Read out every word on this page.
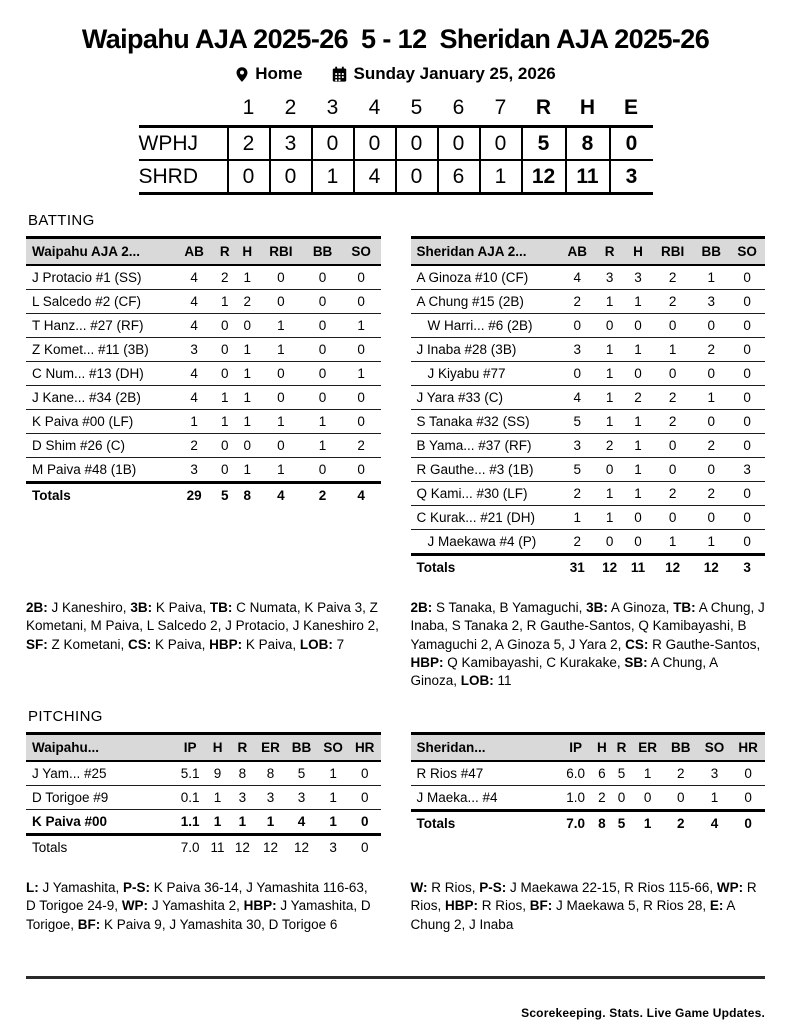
Waipahu AJA 2025-26 5 - 12 Sheridan AJA 2025-26
Home	Sunday January 25, 2026
	1	2	3	4	5	6	7	R	H	E
WPHJ	2	3	0	0	0	0	0	5	8	0
SHRD	0	0	1	4	0	6	1	12	11	3
BATTING
Waipahu AJA 2...	AB	R	H	RBI	BB	SO
J Protacio #1 (SS)	4	2	1	0	0	0
L Salcedo #2 (CF)	4	1	2	0	0	0
T Hanz... #27 (RF)	4	0	0	1	0	1
Z Komet... #11 (3B)	3	0	1	1	0	0
C Num... #13 (DH)	4	0	1	0	0	1
J Kane... #34 (2B)	4	1	1	0	0	0
K Paiva #00 (LF)	1	1	1	1	1	0
D Shim #26 (C)	2	0	0	0	1	2
M Paiva #48 (1B)	3	0	1	1	0	0
Totals	29	5	8	4	2	4
Sheridan AJA 2...	AB	R	H	RBI	BB	SO
A Ginoza #10 (CF)	4	3	3	2	1	0
A Chung #15 (2B)	2	1	1	2	3	0
W Harri... #6 (2B)	0	0	0	0	0	0
J Inaba #28 (3B)	3	1	1	1	2	0
J Kiyabu #77	0	1	0	0	0	0
J Yara #33 (C)	4	1	2	2	1	0
S Tanaka #32 (SS)	5	1	1	2	0	0
B Yama... #37 (RF)	3	2	1	0	2	0
R Gauthe... #3 (1B)	5	0	1	0	0	3
Q Kami... #30 (LF)	2	1	1	2	2	0
C Kurak... #21 (DH)	1	1	0	0	0	0
J Maekawa #4 (P)	2	0	0	1	1	0
Totals	31	12	11	12	12	3

2B: J Kaneshiro, 3B: K Paiva, TB: C Numata, K Paiva 3, Z Kometani, M Paiva, L Salcedo 2, J Protacio, J Kaneshiro 2, SF: Z Kometani, CS: K Paiva, HBP: K Paiva, LOB: 7

2B: S Tanaka, B Yamaguchi, 3B: A Ginoza, TB: A Chung, J Inaba, S Tanaka 2, R Gauthe-Santos, Q Kamibayashi, B Yamaguchi 2, A Ginoza 5, J Yara 2, CS: R Gauthe-Santos, HBP: Q Kamibayashi, C Kurakake, SB: A Chung, A Ginoza, LOB: 11

PITCHING
Waipahu...	IP	H	R	ER	BB	SO	HR
J Yam... #25	5.1	9	8	8	5	1	0
D Torigoe #9	0.1	1	3	3	3	1	0
K Paiva #00	1.1	1	1	1	4	1	0
Totals	7.0	11	12	12	12	3	0
Sheridan...	IP	H	R	ER	BB	SO	HR
R Rios #47	6.0	6	5	1	2	3	0
J Maeka... #4	1.0	2	0	0	0	1	0
Totals	7.0	8	5	1	2	4	0

L: J Yamashita, P-S: K Paiva 36-14, J Yamashita 116-63, D Torigoe 24-9, WP: J Yamashita 2, HBP: J Yamashita, D Torigoe, BF: K Paiva 9, J Yamashita 30, D Torigoe 6

W: R Rios, P-S: J Maekawa 22-15, R Rios 115-66, WP: R Rios, HBP: R Rios, BF: J Maekawa 5, R Rios 28, E: A Chung 2, J Inaba

Scorekeeping. Stats. Live Game Updates.
